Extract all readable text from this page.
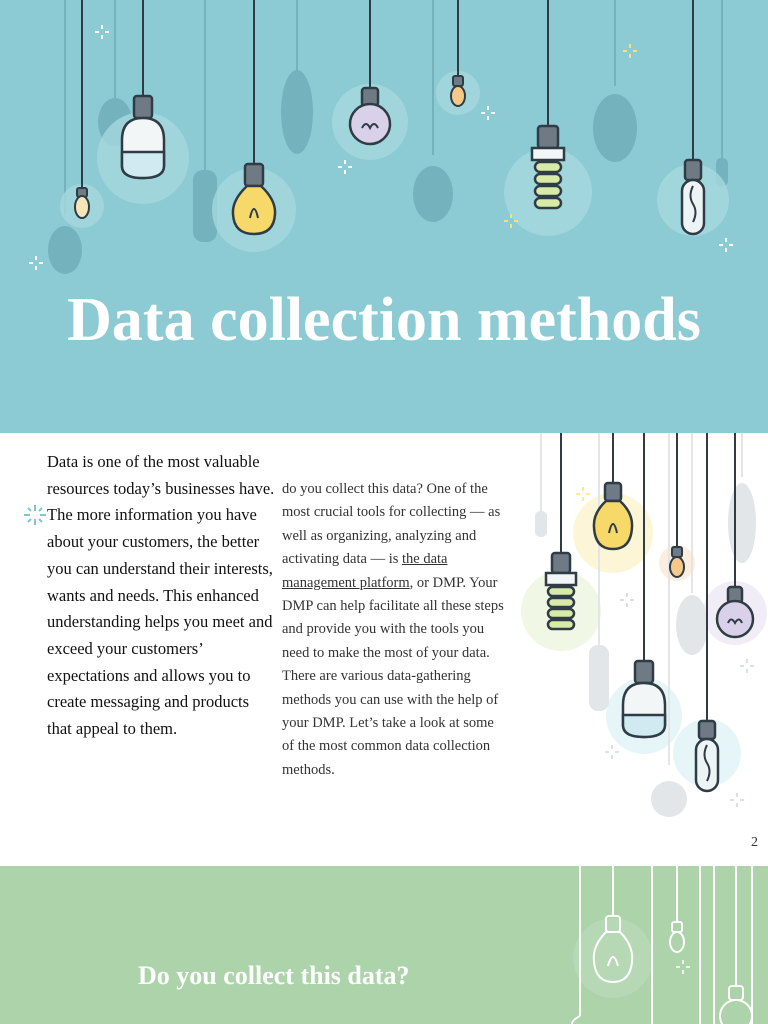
Data collection methods

Data is one of the most valuable resources today’s businesses have. The more information you have about your customers, the better you can understand their interests, wants and needs. This enhanced understanding helps you meet and exceed your customers’ expectations and allows you to create messaging and products that appeal to them.

do you collect this data? One of the most crucial tools for collecting — as well as organizing, analyzing and activating data — is the data management platform, or DMP. Your DMP can help facilitate all these steps and provide you with the tools you need to make the most of your data. There are various data-gathering methods you can use with the help of your DMP. Let’s take a look at some of the most common data collection methods.

2
Do you collect this data?
